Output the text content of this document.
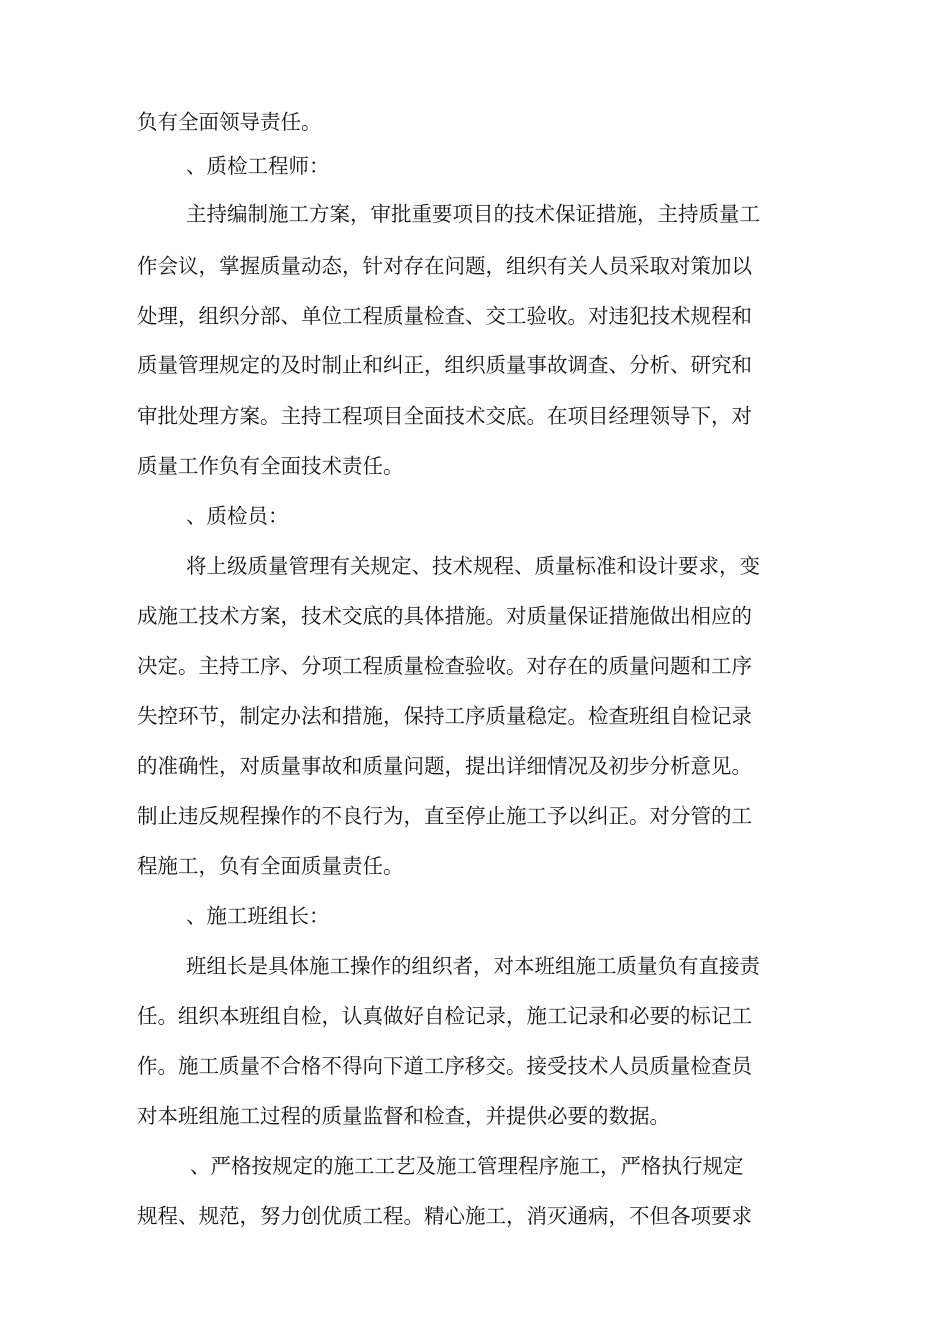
负有全面领导责任。
、质检工程师：
主持编制施工方案，审批重要项目的技术保证措施，主持质量工
作会议，掌握质量动态，针对存在问题，组织有关人员采取对策加以
处理，组织分部、单位工程质量检查、交工验收。对违犯技术规程和
质量管理规定的及时制止和纠正，组织质量事故调查、分析、研究和
审批处理方案。主持工程项目全面技术交底。在项目经理领导下，对
质量工作负有全面技术责任。
、质检员：
将上级质量管理有关规定、技术规程、质量标准和设计要求，变
成施工技术方案，技术交底的具体措施。对质量保证措施做出相应的
决定。主持工序、分项工程质量检查验收。对存在的质量问题和工序
失控环节，制定办法和措施，保持工序质量稳定。检查班组自检记录
的准确性，对质量事故和质量问题，提出详细情况及初步分析意见。
制止违反规程操作的不良行为，直至停止施工予以纠正。对分管的工
程施工，负有全面质量责任。
、施工班组长：
班组长是具体施工操作的组织者，对本班组施工质量负有直接责
任。组织本班组自检，认真做好自检记录，施工记录和必要的标记工
作。施工质量不合格不得向下道工序移交。接受技术人员质量检查员
对本班组施工过程的质量监督和检查，并提供必要的数据。
、严格按规定的施工工艺及施工管理程序施工，严格执行规定
规程、规范，努力创优质工程。精心施工，消灭通病，不但各项要求
